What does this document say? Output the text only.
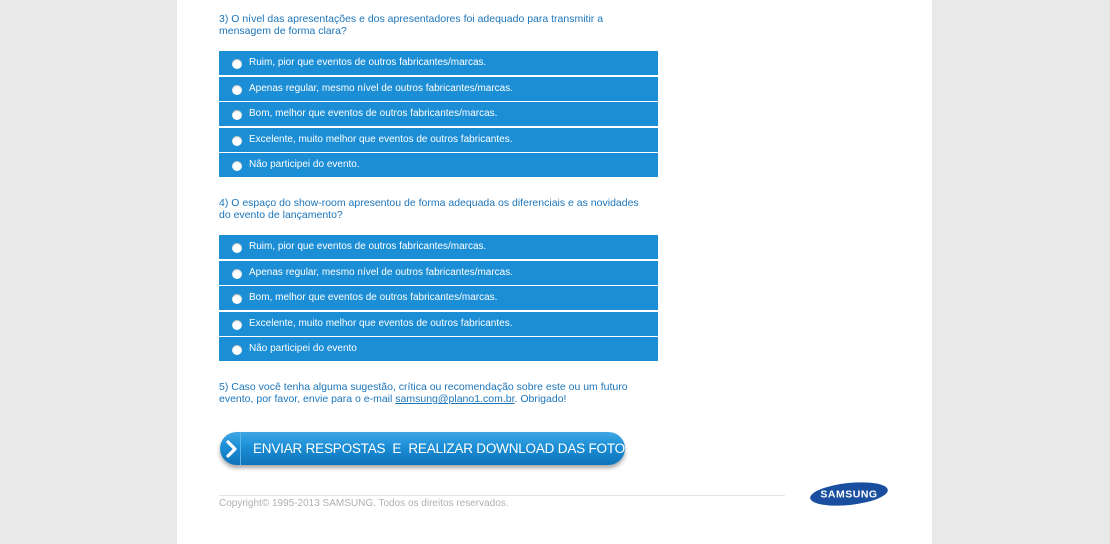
3) O nível das apresentações e dos apresentadores foi adequado para transmitir a mensagem de forma clara?
Ruim, pior que eventos de outros fabricantes/marcas.
Apenas regular, mesmo nível de outros fabricantes/marcas.
Bom, melhor que eventos de outros fabricantes/marcas.
Excelente, muito melhor que eventos de outros fabricantes.
Não participei do evento.
4) O espaço do show-room apresentou de forma adequada os diferenciais e as novidades do evento de lançamento?
Ruim, pior que eventos de outros fabricantes/marcas.
Apenas regular, mesmo nível de outros fabricantes/marcas.
Bom, melhor que eventos de outros fabricantes/marcas.
Excelente, muito melhor que eventos de outros fabricantes.
Não participei do evento
5) Caso você tenha alguma sugestão, crítica ou recomendação sobre este ou um futuro evento, por favor, envie para o e-mail samsung@plano1.com.br. Obrigado!
ENVIAR RESPOSTAS  E  REALIZAR DOWNLOAD DAS FOTOS
Copyright© 1995-2013 SAMSUNG. Todos os direitos reservados.
SAMSUNG
